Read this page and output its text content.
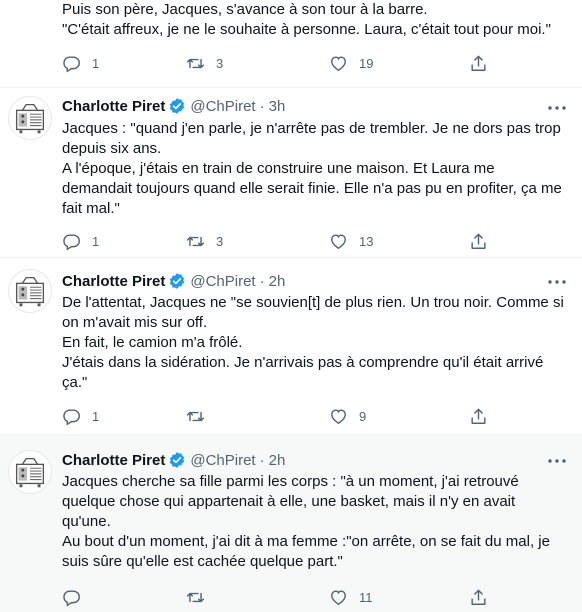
Puis son père, Jacques, s'avance à son tour à la barre.

"C'était affreux, je ne le souhaite à personne. Laura, c'était tout pour moi."

1	3	19
Charlotte Piret @ChPiret · 3h

Jacques : "quand j'en parle, je n'arrête pas de trembler. Je ne dors pas trop

depuis six ans.

A l'époque, j'étais en train de construire une maison. Et Laura me

demandait toujours quand elle serait finie. Elle n'a pas pu en profiter, ça me

fait mal."

1	3	13
Charlotte Piret @ChPiret · 2h

De l'attentat, Jacques ne "se souvien[t] de plus rien. Un trou noir. Comme si

on m'avait mis sur off.

En fait, le camion m'a frôlé.

J'étais dans la sidération. Je n'arrivais pas à comprendre qu'il était arrivé

ça."

1	9
Charlotte Piret @ChPiret · 2h

Jacques cherche sa fille parmi les corps : "à un moment, j'ai retrouvé

quelque chose qui appartenait à elle, une basket, mais il n'y en avait

qu'une.

Au bout d'un moment, j'ai dit à ma femme :"on arrête, on se fait du mal, je

suis sûre qu'elle est cachée quelque part."

11
